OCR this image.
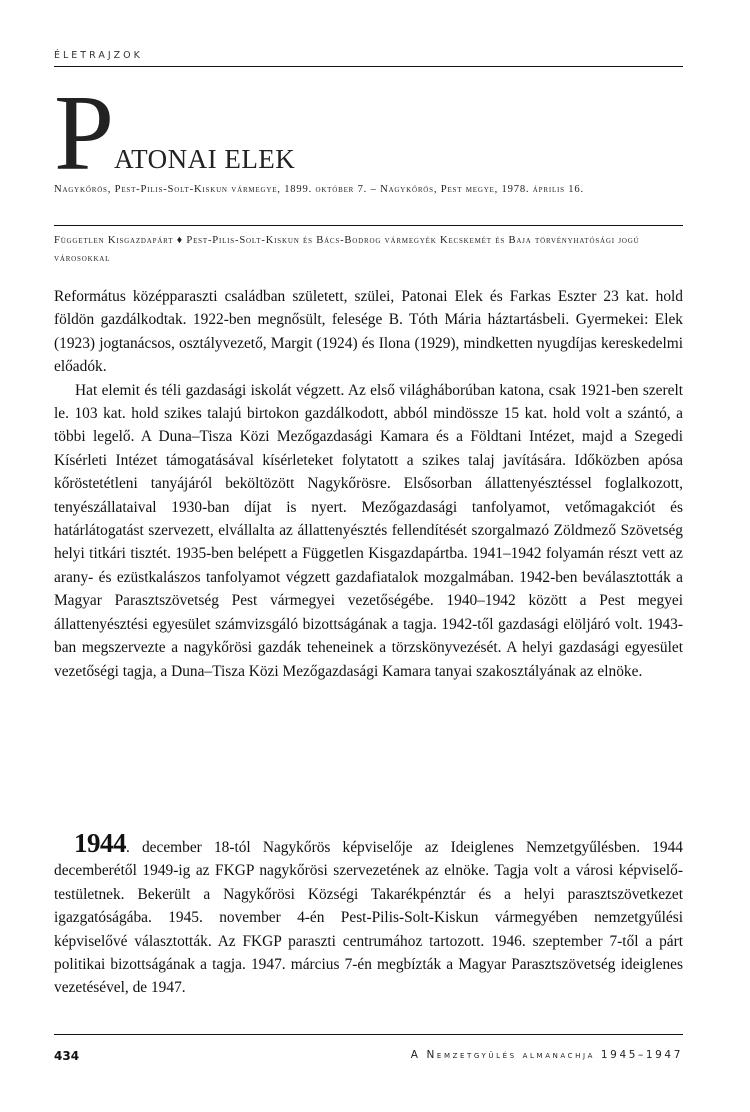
ÉLETRAJZOK
P ATONAI ELEK
Nagykőrös, Pest-Pilis-Solt-Kiskun vármegye, 1899. október 7. – Nagykőrös, Pest megye, 1978. április 16.
Független Kisgazdapárt ♦ Pest-Pilis-Solt-Kiskun és Bács-Bodrog vármegyék Kecskemét és Baja törvényhatósági jogú városokkal

Református középparaszti családban született, szülei, Patonai Elek és Farkas Eszter 23 kat. hold földön gazdálkodtak. 1922-ben megnősült, felesége B. Tóth Mária háztartásbeli. Gyermekei: Elek (1923) jogtanácsos, osztályvezető, Margit (1924) és Ilona (1929), mindketten nyugdíjas kereskedelmi előadók.

Hat elemit és téli gazdasági iskolát végzett. Az első világháborúban katona, csak 1921-ben szerelt le. 103 kat. hold szikes talajú birtokon gazdálkodott, abból mindössze 15 kat. hold volt a szántó, a többi legelő. A Duna–Tisza Közi Mezőgazdasági Kamara és a Földtani Intézet, majd a Szegedi Kísérleti Intézet támogatásával kísérleteket folytatott a szikes talaj javítására. Időközben apósa kőröstetétleni tanyájáról beköltözött Nagykőrösre. Elsősorban állattenyésztéssel foglalkozott, tenyészállataival 1930-ban díjat is nyert. Mezőgazdasági tanfolyamot, vetőmagakciót és határlátogatást szervezett, elvállalta az állattenyésztés fellendítését szorgalmazó Zöldmező Szövetség helyi titkári tisztét. 1935-ben belépett a Független Kisgazdapártba. 1941–1942 folyamán részt vett az arany- és ezüstkalászos tanfolyamot végzett gazdafiatalok mozgalmában. 1942-ben beválasztották a Magyar Parasztszövetség Pest vármegyei vezetőségébe. 1940–1942 között a Pest megyei állattenyésztési egyesület számvizsgáló bizottságának a tagja. 1942-től gazdasági elöljáró volt. 1943-ban megszervezte a nagykőrösi gazdák teheneinek a törzskönyvezését. A helyi gazdasági egyesület vezetőségi tagja, a Duna–Tisza Közi Mezőgazdasági Kamara tanyai szakosztályának az elnöke.

1944. december 18-tól Nagykőrös képviselője az Ideiglenes Nemzetgyűlésben. 1944 decemberétől 1949-ig az FKGP nagykőrösi szervezetének az elnöke. Tagja volt a városi képviselő-testületnek. Bekerült a Nagykőrösi Községi Takarékpénztár és a helyi parasztszövetkezet igazgatóságába. 1945. november 4-én Pest-Pilis-Solt-Kiskun vármegyében nemzetgyűlési képviselővé választották. Az FKGP paraszti centrumához tartozott. 1946. szeptember 7-től a párt politikai bizottságának a tagja. 1947. március 7-én megbízták a Magyar Parasztszövetség ideiglenes vezetésével, de 1947.

434	A Nemzetgyűlés almanachja 1945–1947
